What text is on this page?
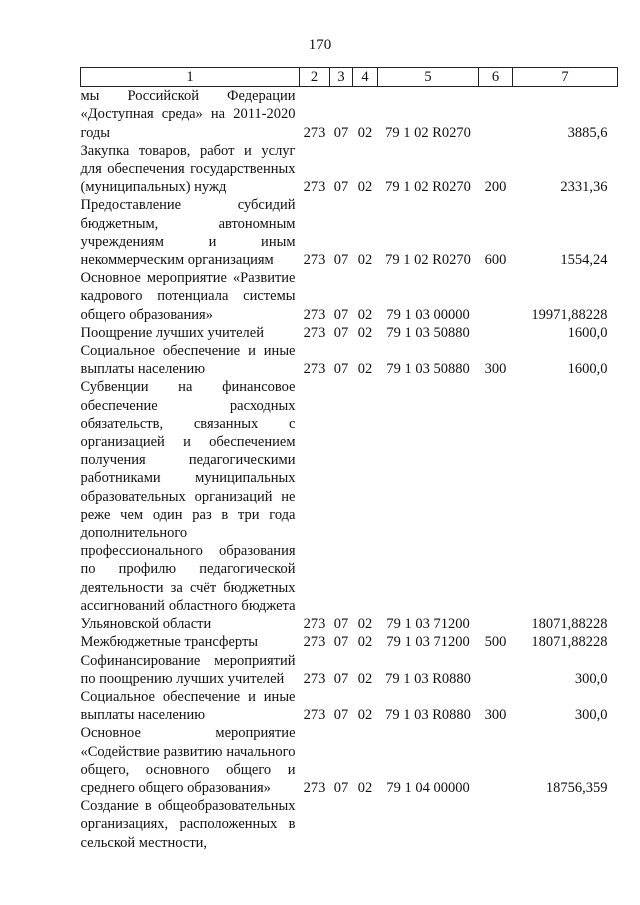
170
1	2	3	4	5	6	7
мы Российской Федерации «Доступная среда» на 2011-2020 годы	273	07	02	79 1 02 R0270		3885,6
Закупка товаров, работ и услуг для обеспечения государственных (муниципальных) нужд	273	07	02	79 1 02 R0270	200	2331,36
Предоставление субсидий бюджетным, автономным учреждениям и иным некоммерческим организациям	273	07	02	79 1 02 R0270	600	1554,24
Основное мероприятие «Развитие кадрового потенциала системы общего образования»	273	07	02	79 1 03 00000		19971,88228
Поощрение лучших учителей	273	07	02	79 1 03 50880		1600,0
Социальное обеспечение и иные выплаты населению	273	07	02	79 1 03 50880	300	1600,0
Субвенции на финансовое обеспечение расходных обязательств, связанных с организацией и обеспечением получения педагогическими работниками муниципальных образовательных организаций не реже чем один раз в три года дополнительного профессионального образования по профилю педагогической деятельности за счёт бюджетных ассигнований областного бюджета Ульяновской области	273	07	02	79 1 03 71200		18071,88228
Межбюджетные трансферты	273	07	02	79 1 03 71200	500	18071,88228
Софинансирование мероприятий по поощрению лучших учителей	273	07	02	79 1 03 R0880		300,0
Социальное обеспечение и иные выплаты населению	273	07	02	79 1 03 R0880	300	300,0
Основное мероприятие «Содействие развитию начального общего, основного общего и среднего общего образования»	273	07	02	79 1 04 00000		18756,359
Создание в общеобразовательных организациях, расположенных в сельской местности,						
